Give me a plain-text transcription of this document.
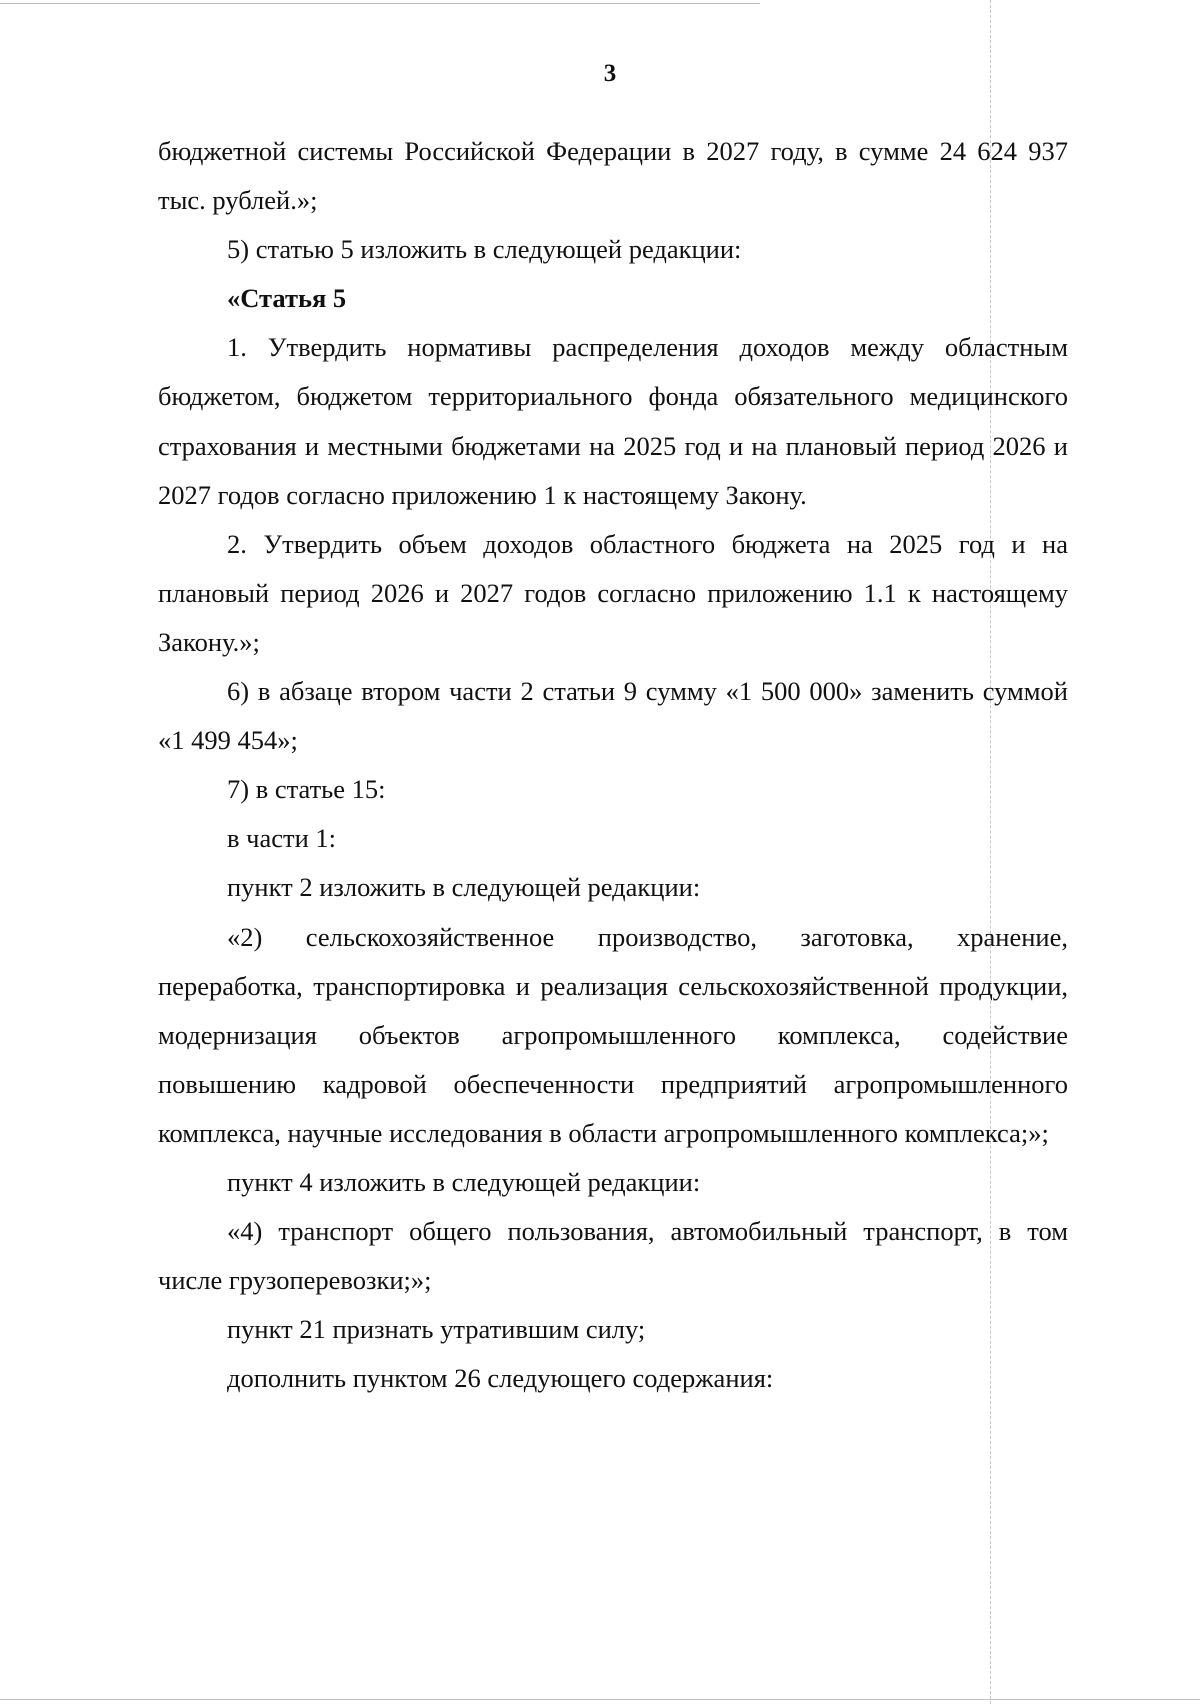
3

бюджетной системы Российской Федерации в 2027 году, в сумме 24 624 937 тыс. рублей.»;

5) статью 5 изложить в следующей редакции:

«Статья 5

1. Утвердить нормативы распределения доходов между областным бюджетом, бюджетом территориального фонда обязательного медицинского страхования и местными бюджетами на 2025 год и на плановый период 2026 и 2027 годов согласно приложению 1 к настоящему Закону.

2. Утвердить объем доходов областного бюджета на 2025 год и на плановый период 2026 и 2027 годов согласно приложению 1.1 к настоящему Закону.»;

6) в абзаце втором части 2 статьи 9 сумму «1 500 000» заменить суммой «1 499 454»;

7) в статье 15:

в части 1:

пункт 2 изложить в следующей редакции:

«2) сельскохозяйственное производство, заготовка, хранение, переработка, транспортировка и реализация сельскохозяйственной продукции, модернизация объектов агропромышленного комплекса, содействие повышению кадровой обеспеченности предприятий агропромышленного комплекса, научные исследования в области агропромышленного комплекса;»;

пункт 4 изложить в следующей редакции:

«4) транспорт общего пользования, автомобильный транспорт, в том числе грузоперевозки;»;

пункт 21 признать утратившим силу;

дополнить пунктом 26 следующего содержания:
